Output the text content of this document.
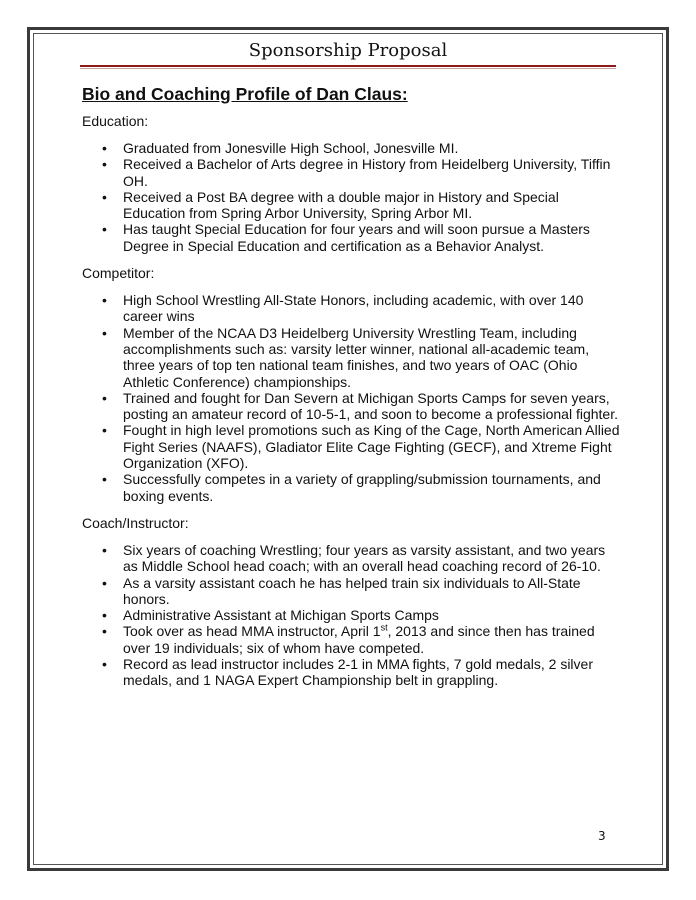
Sponsorship Proposal
Bio and Coaching Profile of Dan Claus:

Education:

• Graduated from Jonesville High School, Jonesville MI.
• Received a Bachelor of Arts degree in History from Heidelberg University, Tiffin OH.
• Received a Post BA degree with a double major in History and Special Education from Spring Arbor University, Spring Arbor MI.
• Has taught Special Education for four years and will soon pursue a Masters Degree in Special Education and certification as a Behavior Analyst.

Competitor:

• High School Wrestling All-State Honors, including academic, with over 140 career wins
• Member of the NCAA D3 Heidelberg University Wrestling Team, including accomplishments such as: varsity letter winner, national all-academic team, three years of top ten national team finishes, and two years of OAC (Ohio Athletic Conference) championships.
• Trained and fought for Dan Severn at Michigan Sports Camps for seven years, posting an amateur record of 10-5-1, and soon to become a professional fighter.
• Fought in high level promotions such as King of the Cage, North American Allied Fight Series (NAAFS), Gladiator Elite Cage Fighting (GECF), and Xtreme Fight Organization (XFO).
• Successfully competes in a variety of grappling/submission tournaments, and boxing events.

Coach/Instructor:

• Six years of coaching Wrestling; four years as varsity assistant, and two years as Middle School head coach; with an overall head coaching record of 26-10.
• As a varsity assistant coach he has helped train six individuals to All-State honors.
• Administrative Assistant at Michigan Sports Camps
• Took over as head MMA instructor, April 1st, 2013 and since then has trained over 19 individuals; six of whom have competed.
• Record as lead instructor includes 2-1 in MMA fights, 7 gold medals, 2 silver medals, and 1 NAGA Expert Championship belt in grappling.
3
